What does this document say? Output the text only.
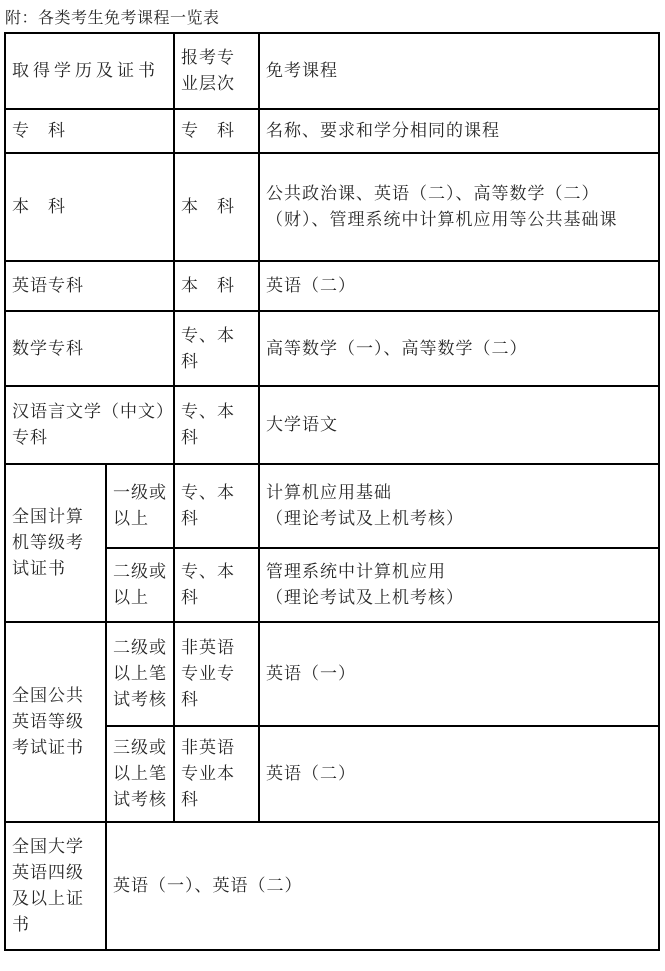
附：各类考生免考课程一览表
取得学历及证书		报考专业层次	免考课程
专　科		专　科	名称、要求和学分相同的课程
本　科		本　科	公共政治课、英语（二）、高等数学（二）（财）、管理系统中计算机应用等公共基础课
英语专科		本　科	英语（二）
数学专科		专、本科	高等数学（一）、高等数学（二）
汉语言文学（中文）专科		专、本科	大学语文
全国计算机等级考试证书	一级或以上	专、本科	计算机应用基础
（理论考试及上机考核）

	二级或以上	专、本科	管理系统中计算机应用
（理论考试及上机考核）

全国公共英语等级考试证书	二级或以上笔试考核	非英语专业专科	英语（一）
	三级或以上笔试考核	非英语专业本科	英语（二）
全国大学英语四级及以上证书	英语（一）、英语（二）		
